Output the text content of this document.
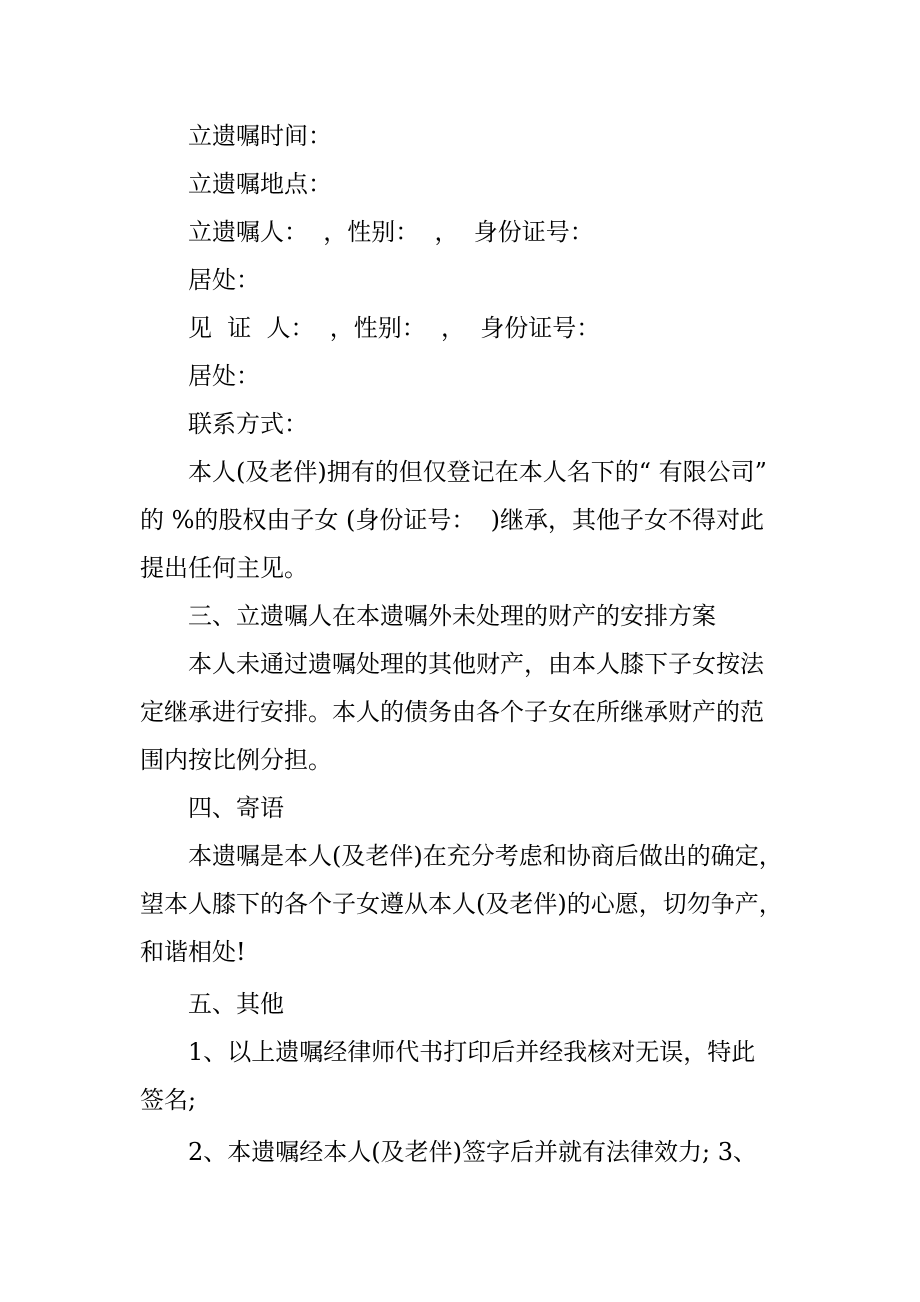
立遗嘱时间：

立遗嘱地点：

立遗嘱人：  ，性别：  ，  身份证号：

居处：

见  证  人：  ，性别：  ，  身份证号：

居处：

联系方式：

本人(及老伴)拥有的但仅登记在本人名下的“ 有限公司”

的 %的股权由子女 (身份证号：  )继承，其他子女不得对此

提出任何主见。

三、立遗嘱人在本遗嘱外未处理的财产的安排方案

本人未通过遗嘱处理的其他财产，由本人膝下子女按法

定继承进行安排。本人的债务由各个子女在所继承财产的范

围内按比例分担。

四、寄语

本遗嘱是本人(及老伴)在充分考虑和协商后做出的确定，

望本人膝下的各个子女遵从本人(及老伴)的心愿，切勿争产，

和谐相处!

五、其他

1、以上遗嘱经律师代书打印后并经我核对无误，特此

签名;

2、本遗嘱经本人(及老伴)签字后并就有法律效力; 3、
